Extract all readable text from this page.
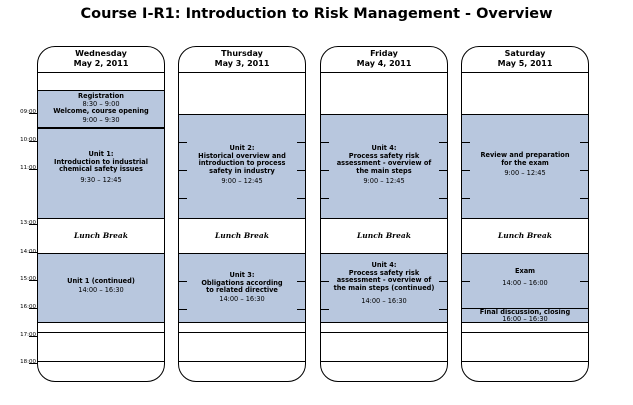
Course I-R1: Introduction to Risk Management - Overview
09:00
10:00
11:00
13:00
14:00
15:00
16:00
17:00
18:00
Wednesday
May 2, 2011
Registration
8:30 – 9:00
Welcome, course opening
9:00 – 9:30
Unit 1:
Introduction to industrial chemical safety issues
9:30 – 12:45
Lunch Break
Unit 1 (continued)
14:00 – 16:30
Thursday
May 3, 2011
Unit 2:
Historical overview and introduction to process safety in industry
9:00 – 12:45
Lunch Break
Unit 3:
Obligations according to related directive
14:00 – 16:30
Friday
May 4, 2011
Unit 4:
Process safety risk assessment - overview of the main steps
9:00 – 12:45
Lunch Break
Unit 4:
Process safety risk assessment - overview of the main steps (continued)
14:00 – 16:30
Saturday
May 5, 2011
Review and preparation for the exam
9:00 – 12:45
Lunch Break
Exam
14:00 – 16:00
Final discussion, closing
16:00 – 16:30
